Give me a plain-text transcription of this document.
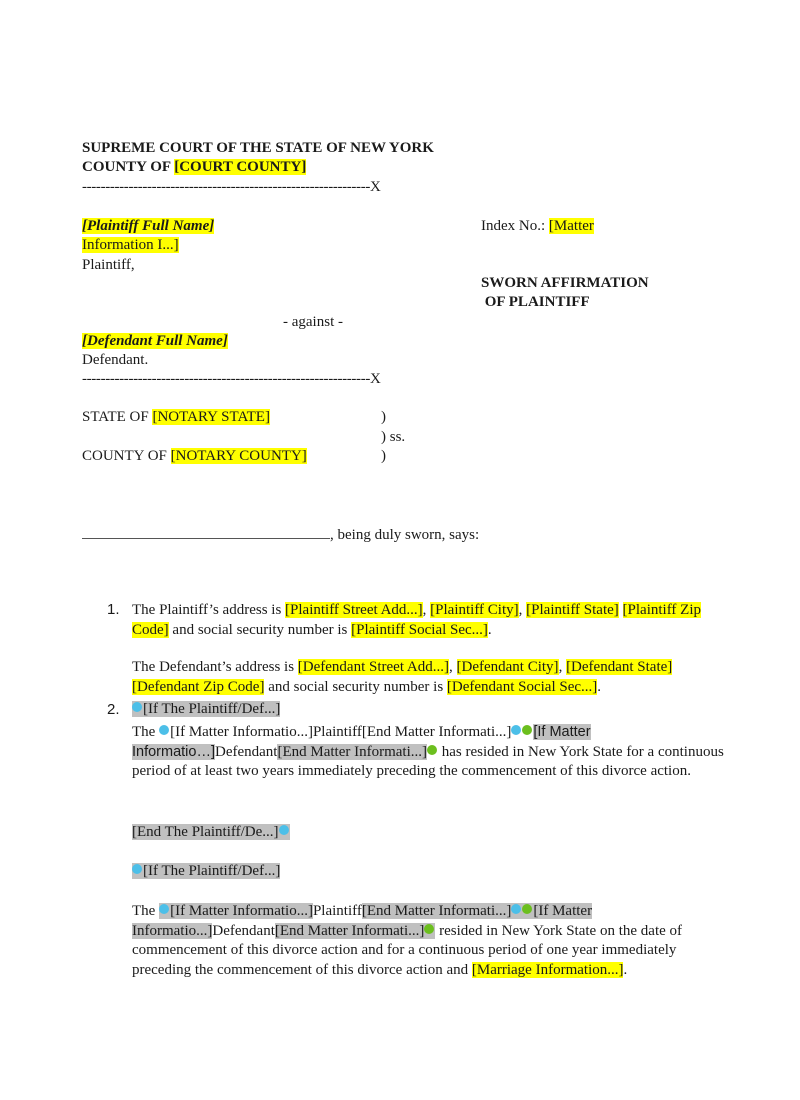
SUPREME COURT OF THE STATE OF NEW YORK
COUNTY OF [COURT COUNTY]
--------------------------------------------------------------X
[Plaintiff Full Name]
Information I...]
Plaintiff,
Index No.: [Matter
SWORN AFFIRMATION
OF PLAINTIFF
- against -
[Defendant Full Name]
Defendant.
--------------------------------------------------------------X
STATE OF [NOTARY STATE]
COUNTY OF [NOTARY COUNTY]
)
) ss.
)
, being duly sworn, says:
1. The Plaintiff’s address is [Plaintiff Street Add...], [Plaintiff City], [Plaintiff State] [Plaintiff Zip Code] and social security number is [Plaintiff Social Sec...].
The Defendant’s address is [Defendant Street Add...], [Defendant City], [Defendant State] [Defendant Zip Code] and social security number is [Defendant Social Sec...].
2.	[If The Plaintiff/Def...]
The [If Matter Informatio...]Plaintiff[End Matter Informati...] [If Matter Informatio…]Defendant[End Matter Informati...] has resided in New York State for a continuous period of at least two years immediately preceding the commencement of this divorce action.
[End The Plaintiff/De...]
[If The Plaintiff/Def...]
The [If Matter Informatio...]Plaintiff[End Matter Informati...] [If Matter Informatio...]Defendant[End Matter Informati...] resided in New York State on the date of commencement of this divorce action and for a continuous period of one year immediately preceding the commencement of this divorce action and [Marriage Information...].
